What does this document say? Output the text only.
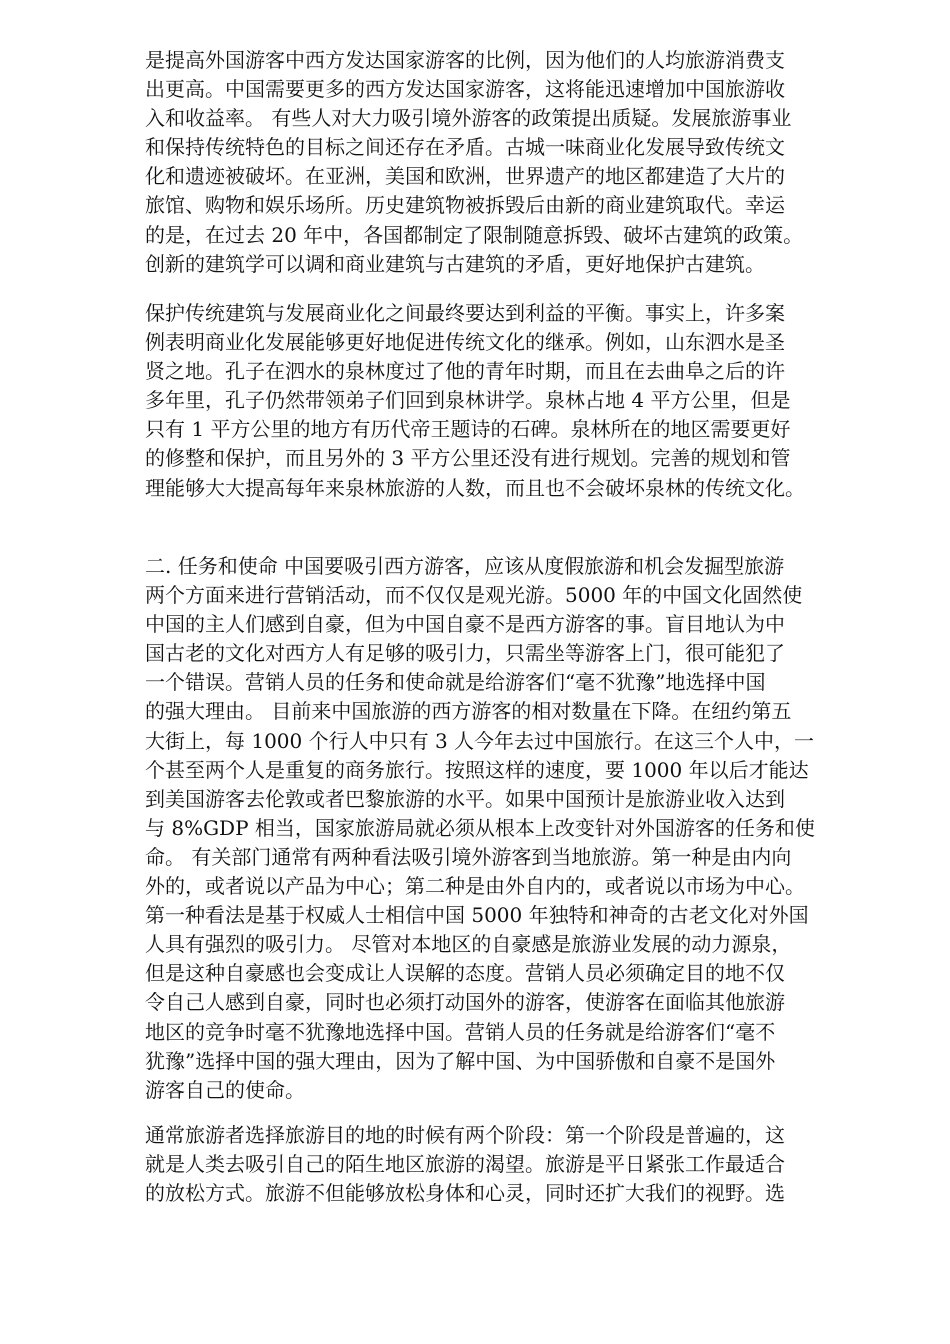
是提高外国游客中西方发达国家游客的比例，因为他们的人均旅游消费支
出更高。中国需要更多的西方发达国家游客，这将能迅速增加中国旅游收
入和收益率。 有些人对大力吸引境外游客的政策提出质疑。发展旅游事业
和保持传统特色的目标之间还存在矛盾。古城一味商业化发展导致传统文
化和遗迹被破坏。在亚洲，美国和欧洲，世界遗产的地区都建造了大片的
旅馆、购物和娱乐场所。历史建筑物被拆毁后由新的商业建筑取代。幸运
的是，在过去 20 年中，各国都制定了限制随意拆毁、破坏古建筑的政策。
创新的建筑学可以调和商业建筑与古建筑的矛盾，更好地保护古建筑。

保护传统建筑与发展商业化之间最终要达到利益的平衡。事实上，许多案
例表明商业化发展能够更好地促进传统文化的继承。例如，山东泗水是圣
贤之地。孔子在泗水的泉林度过了他的青年时期，而且在去曲阜之后的许
多年里，孔子仍然带领弟子们回到泉林讲学。泉林占地 4 平方公里，但是
只有 1 平方公里的地方有历代帝王题诗的石碑。泉林所在的地区需要更好
的修整和保护，而且另外的 3 平方公里还没有进行规划。完善的规划和管
理能够大大提高每年来泉林旅游的人数，而且也不会破坏泉林的传统文化。

二. 任务和使命 中国要吸引西方游客，应该从度假旅游和机会发掘型旅游
两个方面来进行营销活动，而不仅仅是观光游。5000 年的中国文化固然使
中国的主人们感到自豪，但为中国自豪不是西方游客的事。盲目地认为中
国古老的文化对西方人有足够的吸引力，只需坐等游客上门，很可能犯了
一个错误。营销人员的任务和使命就是给游客们“毫不犹豫”地选择中国
的强大理由。 目前来中国旅游的西方游客的相对数量在下降。在纽约第五
大街上，每 1000 个行人中只有 3 人今年去过中国旅行。在这三个人中，一
个甚至两个人是重复的商务旅行。按照这样的速度，要 1000 年以后才能达
到美国游客去伦敦或者巴黎旅游的水平。如果中国预计是旅游业收入达到
与 8%GDP 相当，国家旅游局就必须从根本上改变针对外国游客的任务和使
命。 有关部门通常有两种看法吸引境外游客到当地旅游。第一种是由内向
外的，或者说以产品为中心；第二种是由外自内的，或者说以市场为中心。
第一种看法是基于权威人士相信中国 5000 年独特和神奇的古老文化对外国
人具有强烈的吸引力。 尽管对本地区的自豪感是旅游业发展的动力源泉，
但是这种自豪感也会变成让人误解的态度。营销人员必须确定目的地不仅
令自己人感到自豪，同时也必须打动国外的游客，使游客在面临其他旅游
地区的竞争时毫不犹豫地选择中国。营销人员的任务就是给游客们“毫不
犹豫”选择中国的强大理由，因为了解中国、为中国骄傲和自豪不是国外
游客自己的使命。

通常旅游者选择旅游目的地的时候有两个阶段：第一个阶段是普遍的，这
就是人类去吸引自己的陌生地区旅游的渴望。旅游是平日紧张工作最适合
的放松方式。旅游不但能够放松身体和心灵，同时还扩大我们的视野。选
